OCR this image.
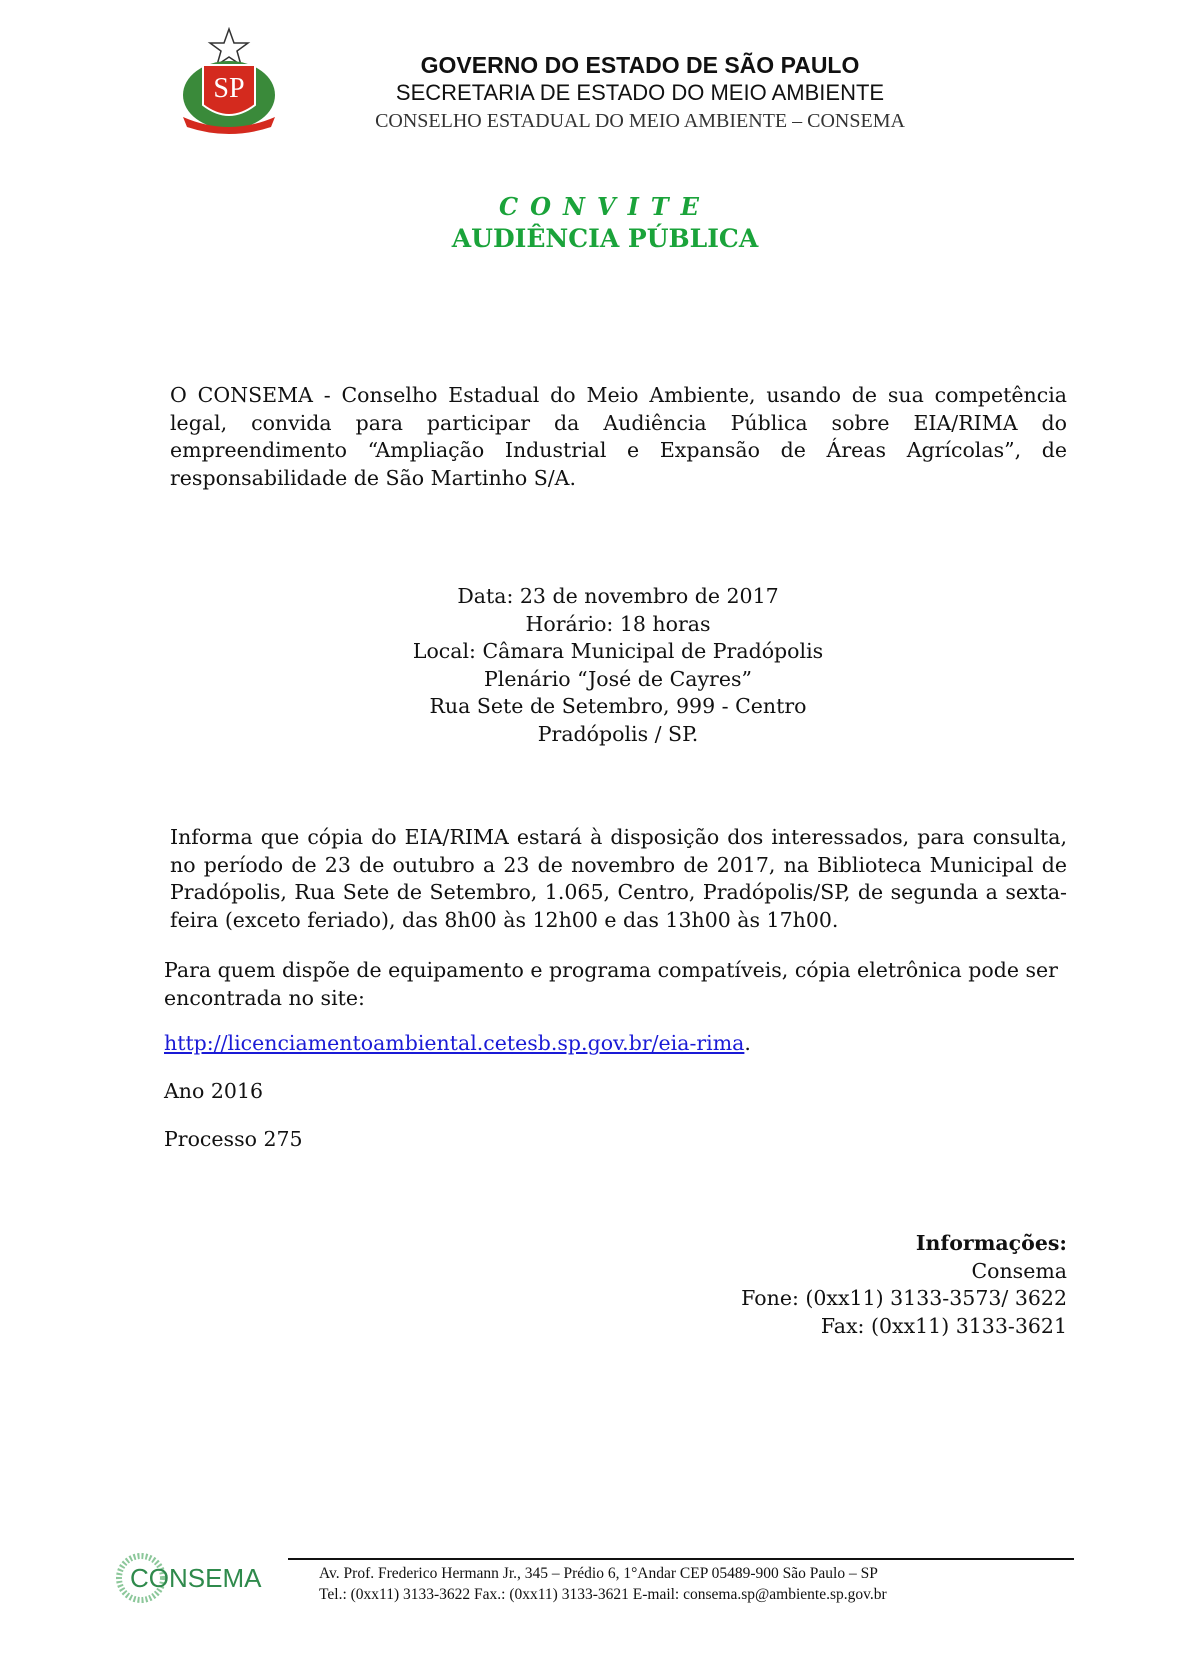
SP
GOVERNO DO ESTADO DE SÃO PAULO
SECRETARIA DE ESTADO DO MEIO AMBIENTE
CONSELHO ESTADUAL DO MEIO AMBIENTE – CONSEMA
CONVITE
AUDIÊNCIA PÚBLICA
O CONSEMA - Conselho Estadual do Meio Ambiente, usando de sua competência legal, convida para participar da Audiência Pública sobre EIA/RIMA do empreendimento “Ampliação Industrial e Expansão de Áreas Agrícolas”, de responsabilidade de São Martinho S/A.
Data: 23 de novembro de 2017
Horário: 18 horas
Local: Câmara Municipal de Pradópolis
Plenário “José de Cayres”
Rua Sete de Setembro, 999 - Centro
Pradópolis / SP.
Informa que cópia do EIA/RIMA estará à disposição dos interessados, para consulta, no período de 23 de outubro a 23 de novembro de 2017, na Biblioteca Municipal de Pradópolis, Rua Sete de Setembro, 1.065, Centro, Pradópolis/SP, de segunda a sexta-feira (exceto feriado), das 8h00 às 12h00 e das 13h00 às 17h00.
Para quem dispõe de equipamento e programa compatíveis, cópia eletrônica pode ser encontrada no site:
http://licenciamentoambiental.cetesb.sp.gov.br/eia-rima.
Ano 2016
Processo 275
Informações:
Consema
Fone: (0xx11) 3133-3573/ 3622
Fax: (0xx11) 3133-3621
CONSEMA	Av. Prof. Frederico Hermann Jr., 345 – Prédio 6, 1°Andar CEP 05489-900 São Paulo – SP
Tel.: (0xx11) 3133-3622 Fax.: (0xx11) 3133-3621 E-mail: consema.sp@ambiente.sp.gov.br
